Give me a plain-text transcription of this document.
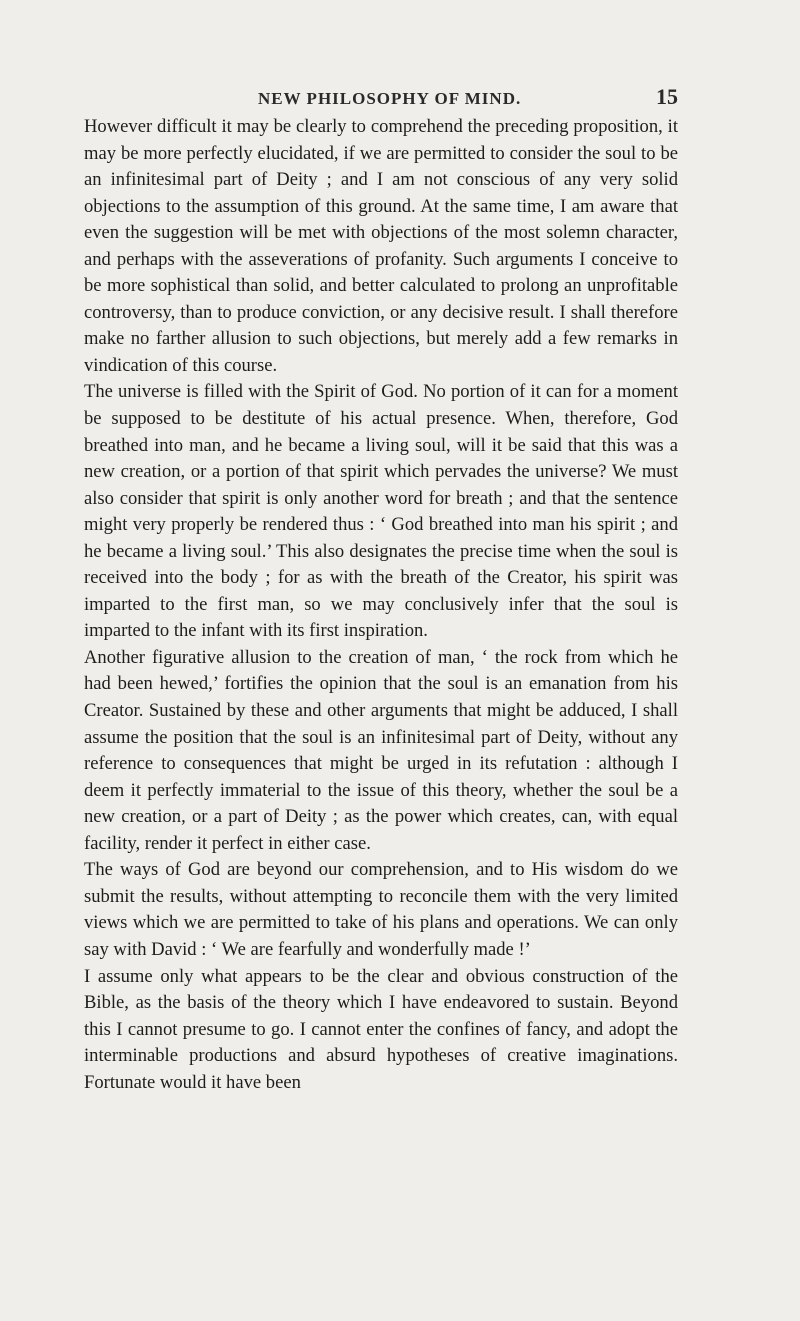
NEW PHILOSOPHY OF MIND.	15

However difficult it may be clearly to comprehend the preceding proposition, it may be more perfectly elucidated, if we are permitted to consider the soul to be an infinitesimal part of Deity ; and I am not conscious of any very solid objections to the assumption of this ground. At the same time, I am aware that even the suggestion will be met with objections of the most solemn character, and perhaps with the asseverations of profanity. Such arguments I conceive to be more sophistical than solid, and better calculated to prolong an unprofitable controversy, than to produce conviction, or any decisive result. I shall therefore make no farther allusion to such objections, but merely add a few remarks in vindication of this course.

The universe is filled with the Spirit of God. No portion of it can for a moment be supposed to be destitute of his actual presence. When, therefore, God breathed into man, and he became a living soul, will it be said that this was a new creation, or a portion of that spirit which pervades the universe? We must also consider that spirit is only another word for breath ; and that the sentence might very properly be rendered thus : ‘ God breathed into man his spirit ; and he became a living soul.’ This also designates the precise time when the soul is received into the body ; for as with the breath of the Creator, his spirit was imparted to the first man, so we may conclusively infer that the soul is imparted to the infant with its first inspiration.

Another figurative allusion to the creation of man, ‘ the rock from which he had been hewed,’ fortifies the opinion that the soul is an emanation from his Creator. Sustained by these and other arguments that might be adduced, I shall assume the position that the soul is an infinitesimal part of Deity, without any reference to consequences that might be urged in its refutation : although I deem it perfectly immaterial to the issue of this theory, whether the soul be a new creation, or a part of Deity ; as the power which creates, can, with equal facility, render it perfect in either case.

The ways of God are beyond our comprehension, and to His wisdom do we submit the results, without attempting to reconcile them with the very limited views which we are permitted to take of his plans and operations. We can only say with David : ‘ We are fearfully and wonderfully made !’

I assume only what appears to be the clear and obvious construction of the Bible, as the basis of the theory which I have endeavored to sustain. Beyond this I cannot presume to go. I cannot enter the confines of fancy, and adopt the interminable productions and absurd hypotheses of creative imaginations. Fortunate would it have been
